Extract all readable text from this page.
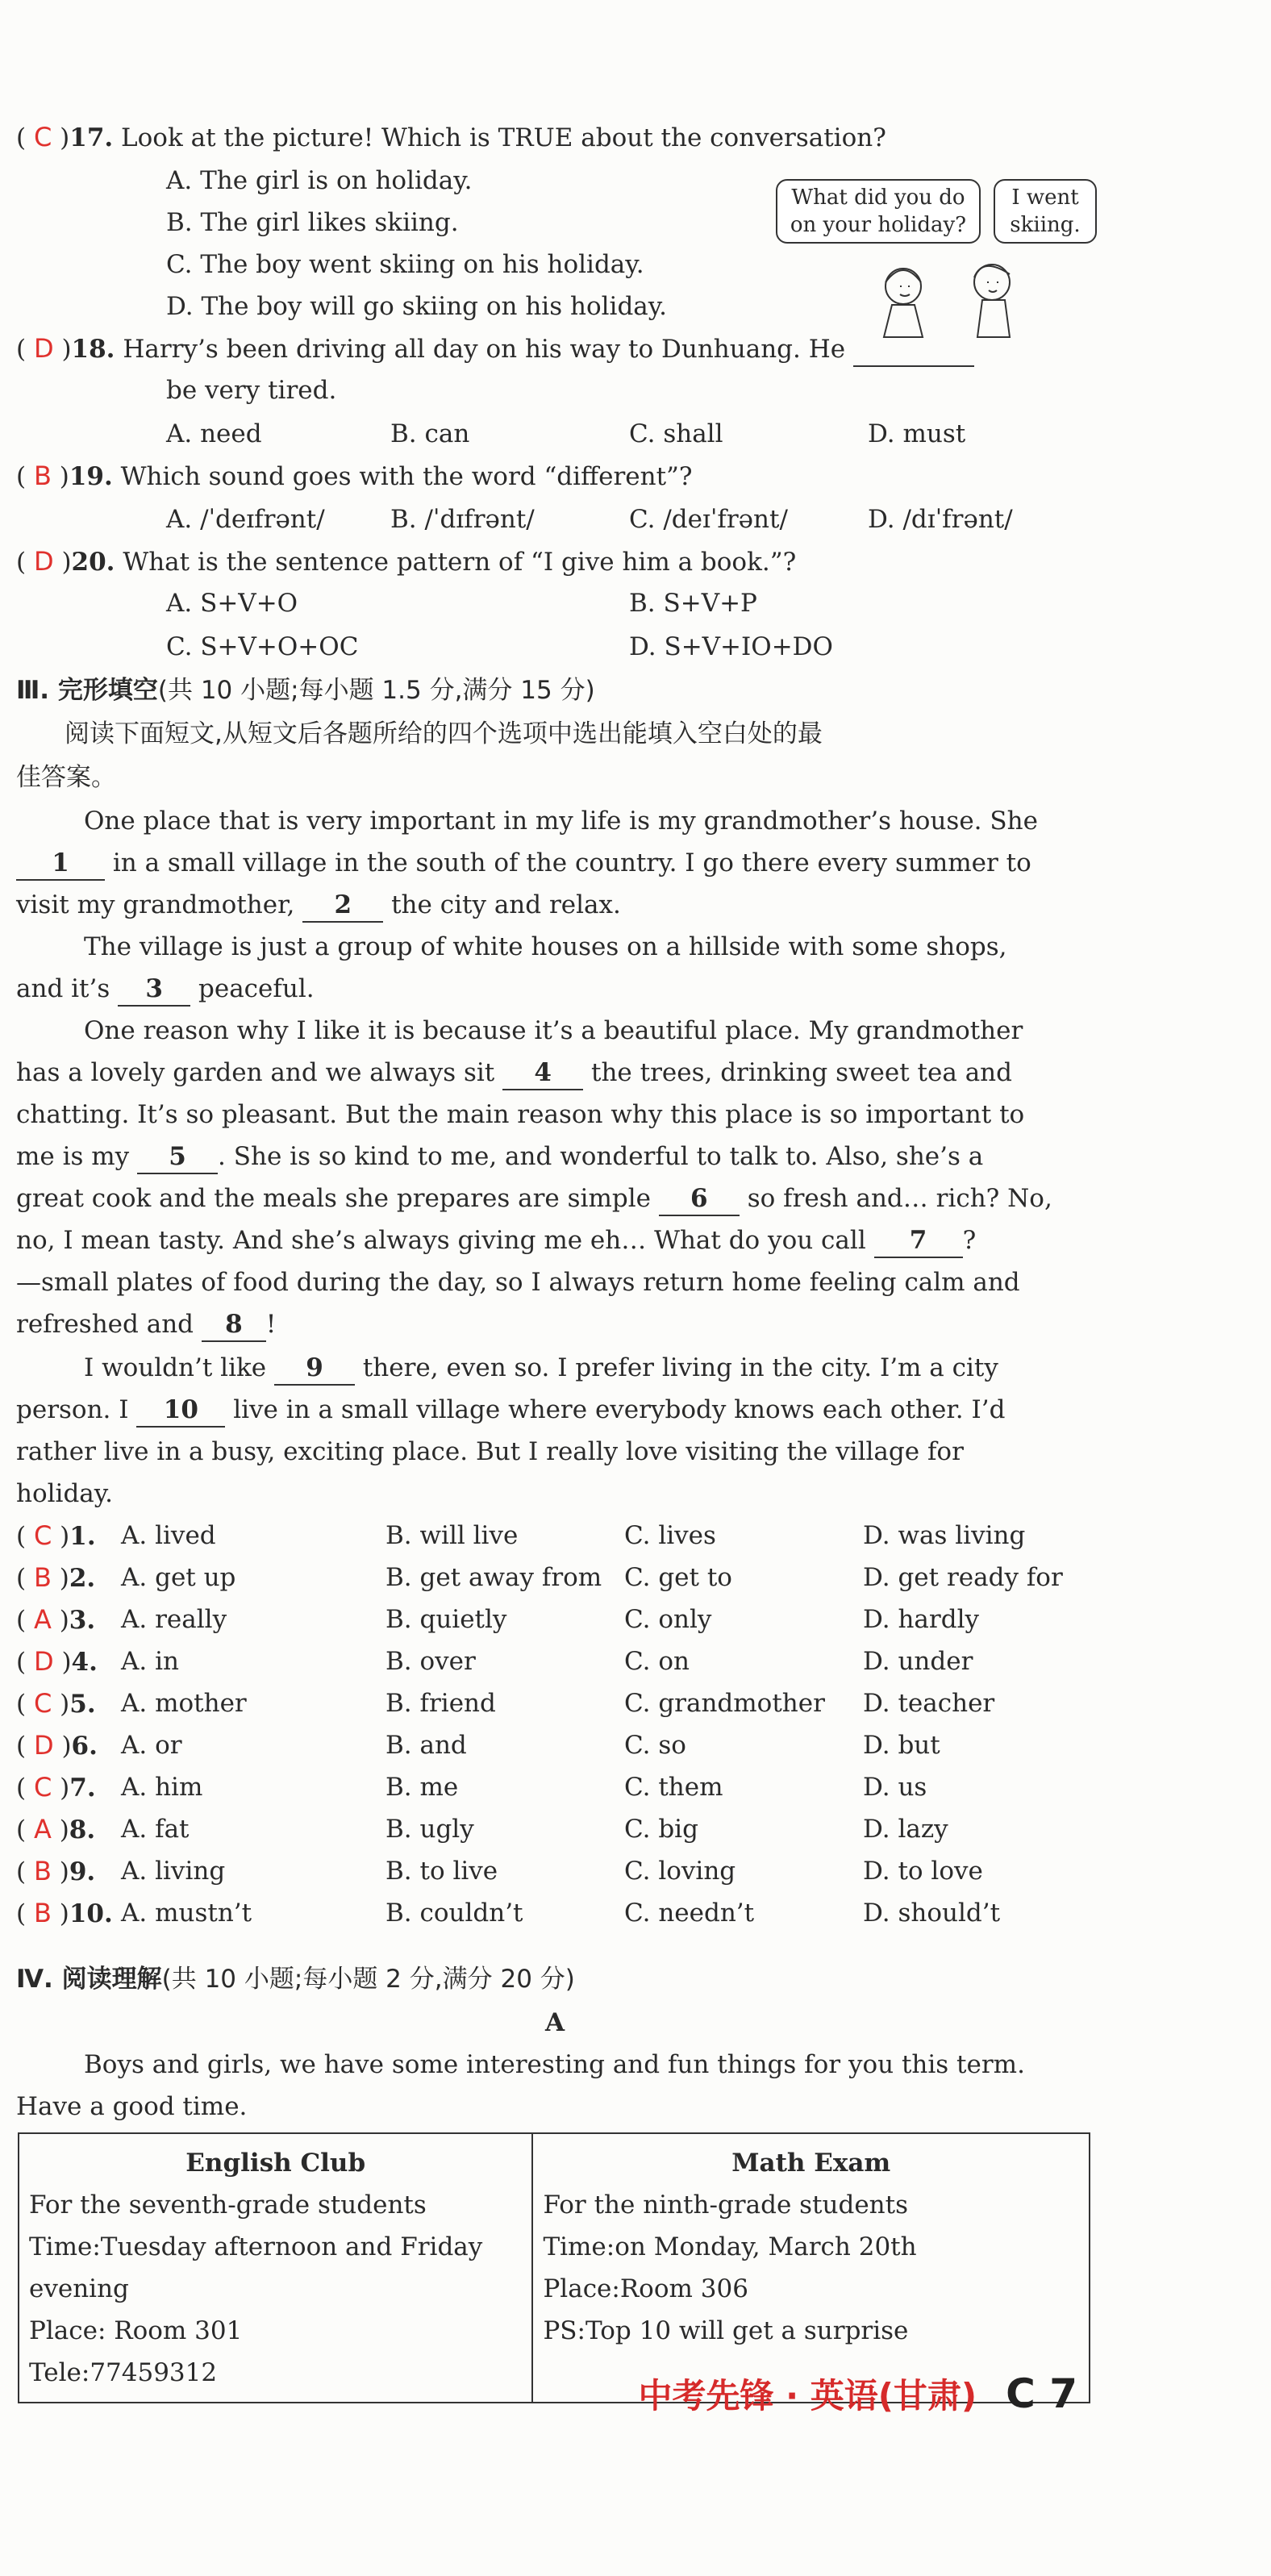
( C )17. Look at the picture! Which is TRUE about the conversation?
A. The girl is on holiday.
B. The girl likes skiing.
C. The boy went skiing on his holiday.
D. The boy will go skiing on his holiday.
What did you do on your holiday?
I went skiing.
( D )18. Harry’s been driving all day on his way to Dunhuang. He
be very tired.
A. need	B. can	C. shall	D. must
( B )19. Which sound goes with the word “different”?
A. /ˈdeɪfrənt/	B. /ˈdɪfrənt/	C. /deɪˈfrənt/	D. /dɪˈfrənt/
( D )20. What is the sentence pattern of “I give him a book.”?
A. S+V+O	B. S+V+P
C. S+V+O+OC	D. S+V+IO+DO
Ⅲ. 完形填空(共 10 小题;每小题 1.5 分,满分 15 分)
阅读下面短文,从短文后各题所给的四个选项中选出能填入空白处的最
佳答案。
One place that is very important in my life is my grandmother’s house. She
1 in a small village in the south of the country. I go there every summer to
visit my grandmother, 2 the city and relax.
The village is just a group of white houses on a hillside with some shops,
and it’s 3 peaceful.
One reason why I like it is because it’s a beautiful place. My grandmother
has a lovely garden and we always sit 4 the trees, drinking sweet tea and
chatting. It’s so pleasant. But the main reason why this place is so important to
me is my 5 . She is so kind to me, and wonderful to talk to. Also, she’s a
great cook and the meals she prepares are simple 6 so fresh and… rich? No,
no, I mean tasty. And she’s always giving me eh… What do you call 7 ?
—small plates of food during the day, so I always return home feeling calm and
refreshed and 8 !
I wouldn’t like 9 there, even so. I prefer living in the city. I’m a city
person. I 10 live in a small village where everybody knows each other. I’d
rather live in a busy, exciting place. But I really love visiting the village for
holiday.
( C )1. A. lived	B. will live	C. lives	D. was living
( B )2. A. get up	B. get away from C. get to	D. get ready for
( A )3. A. really	B. quietly	C. only	D. hardly
( D )4. A. in	B. over	C. on	D. under
( C )5. A. mother	B. friend	C. grandmother D. teacher
( D )6. A. or	B. and	C. so	D. but
( C )7. A. him	B. me	C. them	D. us
( A )8. A. fat	B. ugly	C. big	D. lazy
( B )9. A. living	B. to live	C. loving	D. to love
( B )10. A. mustn’t	B. couldn’t	C. needn’t	D. should’t
Ⅳ. 阅读理解(共 10 小题;每小题 2 分,满分 20 分)
A
Boys and girls, we have some interesting and fun things for you this term.
Have a good time.
English Club
For the seventh-grade students
Time:Tuesday afternoon and Friday evening
Place: Room 301
Tele:77459312

Math Exam
For the ninth-grade students
Time:on Monday, March 20th
Place:Room 306
PS:Top 10 will get a surprise
中考先锋 · 英语(甘肃) C 7
